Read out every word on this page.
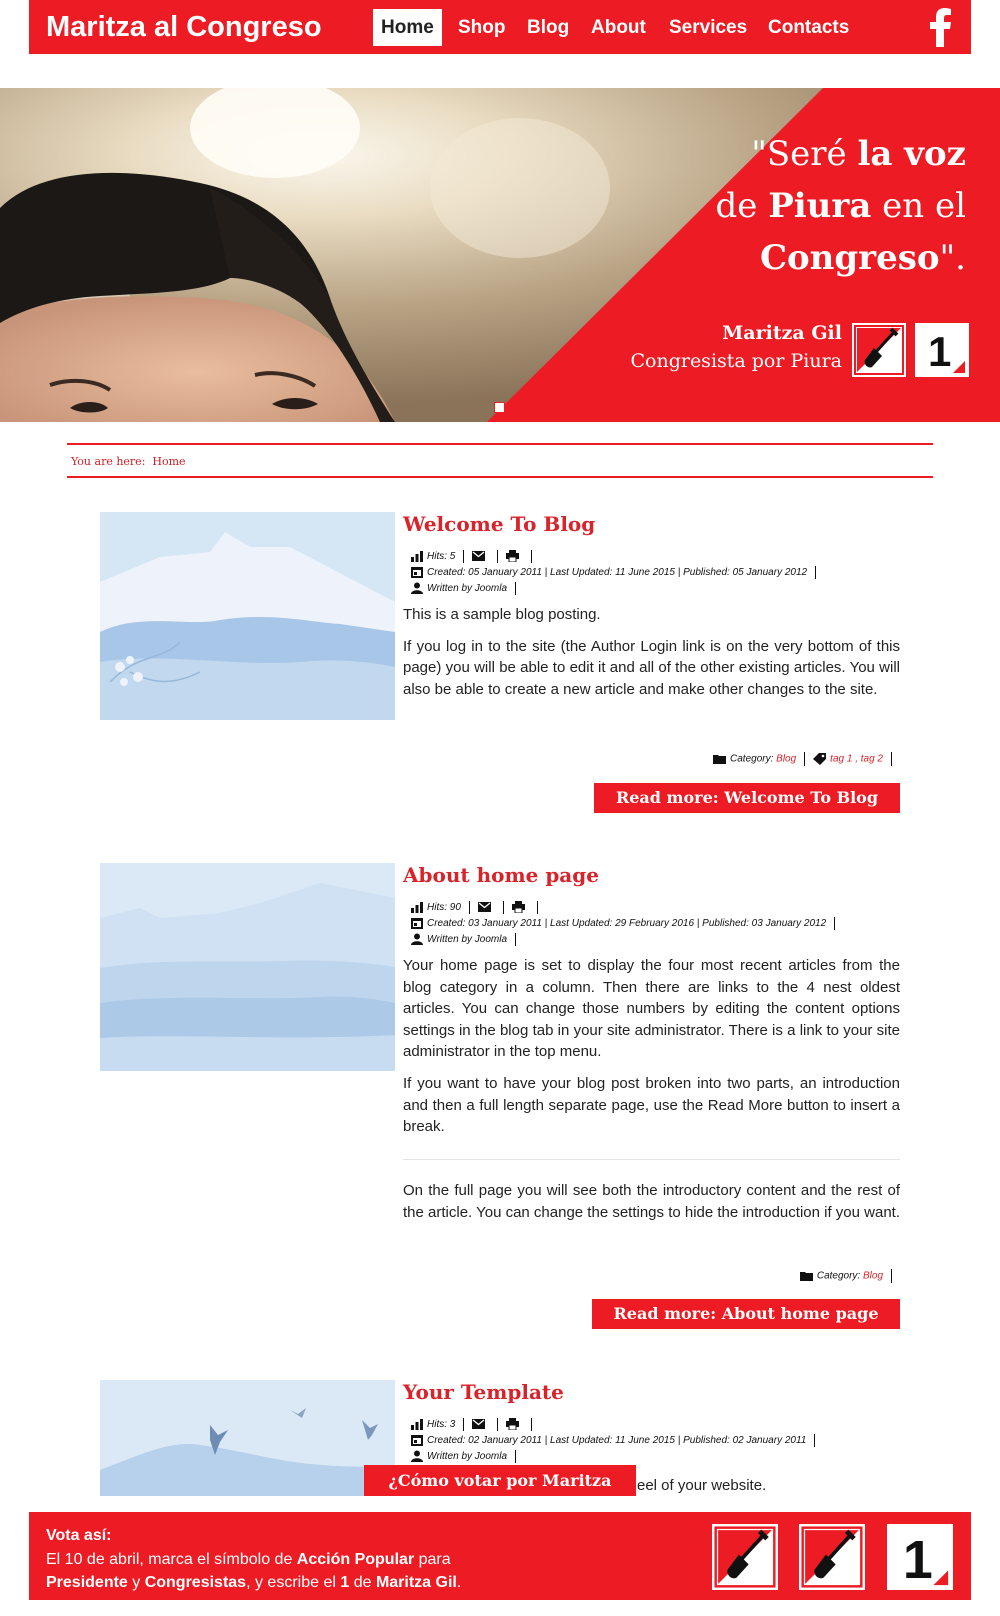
Maritza al Congreso	Home	Shop	Blog	About	Services	Contacts
"Seré la voz
de Piura en el
Congreso".
Maritza Gil
Congresista por Piura 1
You are here: Home
Welcome To Blog
Hits: 5
Created: 05 January 2011 | Last Updated: 11 June 2015 | Published: 05 January 2012
Written by Joomla

This is a sample blog posting.

If you log in to the site (the Author Login link is on the very bottom of this page) you will be able to edit it and all of the other existing articles. You will also be able to create a new article and make other changes to the site.

Category: Blog	tag 1 , tag 2
Read more: Welcome To Blog
About home page
Hits: 90
Created: 03 January 2011 | Last Updated: 29 February 2016 | Published: 03 January 2012
Written by Joomla

Your home page is set to display the four most recent articles from the blog category in a column. Then there are links to the 4 nest oldest articles. You can change those numbers by editing the content options settings in the blog tab in your site administrator. There is a link to your site administrator in the top menu.

If you want to have your blog post broken into two parts, an introduction and then a full length separate page, use the Read More button to insert a break.

On the full page you will see both the introductory content and the rest of the article. You can change the settings to hide the introduction if you want.

Category: Blog
Read more: About home page
Your Template
Hits: 3
Created: 02 January 2011 | Last Updated: 11 June 2015 | Published: 02 January 2011
Written by Joomla
eel of your website.
¿Cómo votar por Maritza
Vota así:
El 10 de abril, marca el símbolo de Acción Popular para
Presidente y Congresistas, y escribe el 1 de Maritza Gil.	1
